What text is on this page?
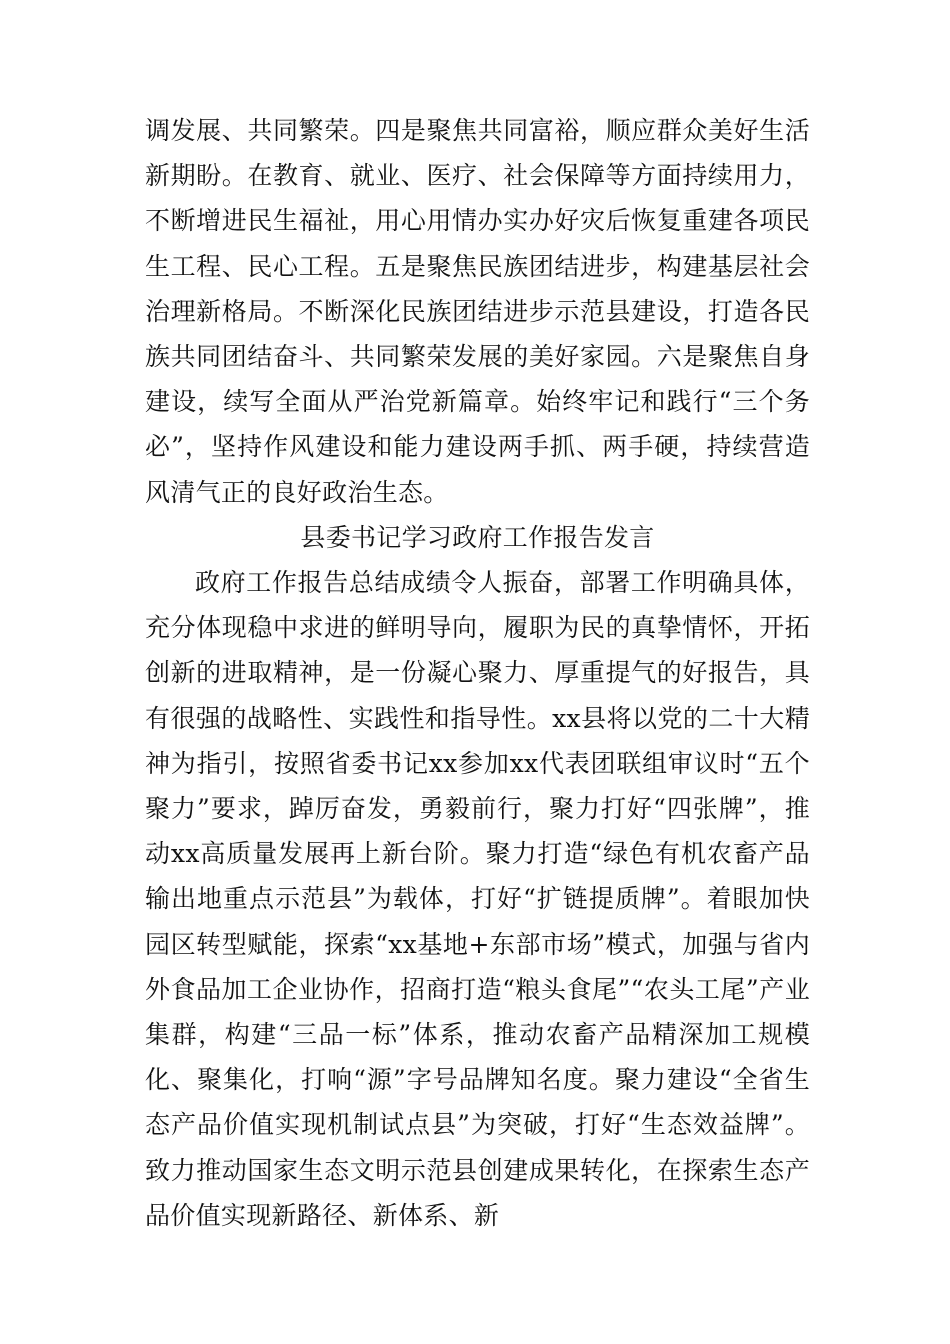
调发展、共同繁荣。四是聚焦共同富裕，顺应群众美好生活新期盼。在教育、就业、医疗、社会保障等方面持续用力，不断增进民生福祉，用心用情办实办好灾后恢复重建各项民生工程、民心工程。五是聚焦民族团结进步，构建基层社会治理新格局。不断深化民族团结进步示范县建设，打造各民族共同团结奋斗、共同繁荣发展的美好家园。六是聚焦自身建设，续写全面从严治党新篇章。始终牢记和践行“三个务必”，坚持作风建设和能力建设两手抓、两手硬，持续营造风清气正的良好政治生态。

县委书记学习政府工作报告发言

政府工作报告总结成绩令人振奋，部署工作明确具体，充分体现稳中求进的鲜明导向，履职为民的真挚情怀，开拓创新的进取精神，是一份凝心聚力、厚重提气的好报告，具有很强的战略性、实践性和指导性。xx县将以党的二十大精神为指引，按照省委书记xx参加xx代表团联组审议时“五个聚力”要求，踔厉奋发，勇毅前行，聚力打好“四张牌”，推动xx高质量发展再上新台阶。聚力打造“绿色有机农畜产品输出地重点示范县”为载体，打好“扩链提质牌”。着眼加快园区转型赋能，探索“xx基地+东部市场”模式，加强与省内外食品加工企业协作，招商打造“粮头食尾”“农头工尾”产业集群，构建“三品一标”体系，推动农畜产品精深加工规模化、聚集化，打响“源”字号品牌知名度。聚力建设“全省生态产品价值实现机制试点县”为突破，打好“生态效益牌”。致力推动国家生态文明示范县创建成果转化，在探索生态产品价值实现新路径、新体系、新
